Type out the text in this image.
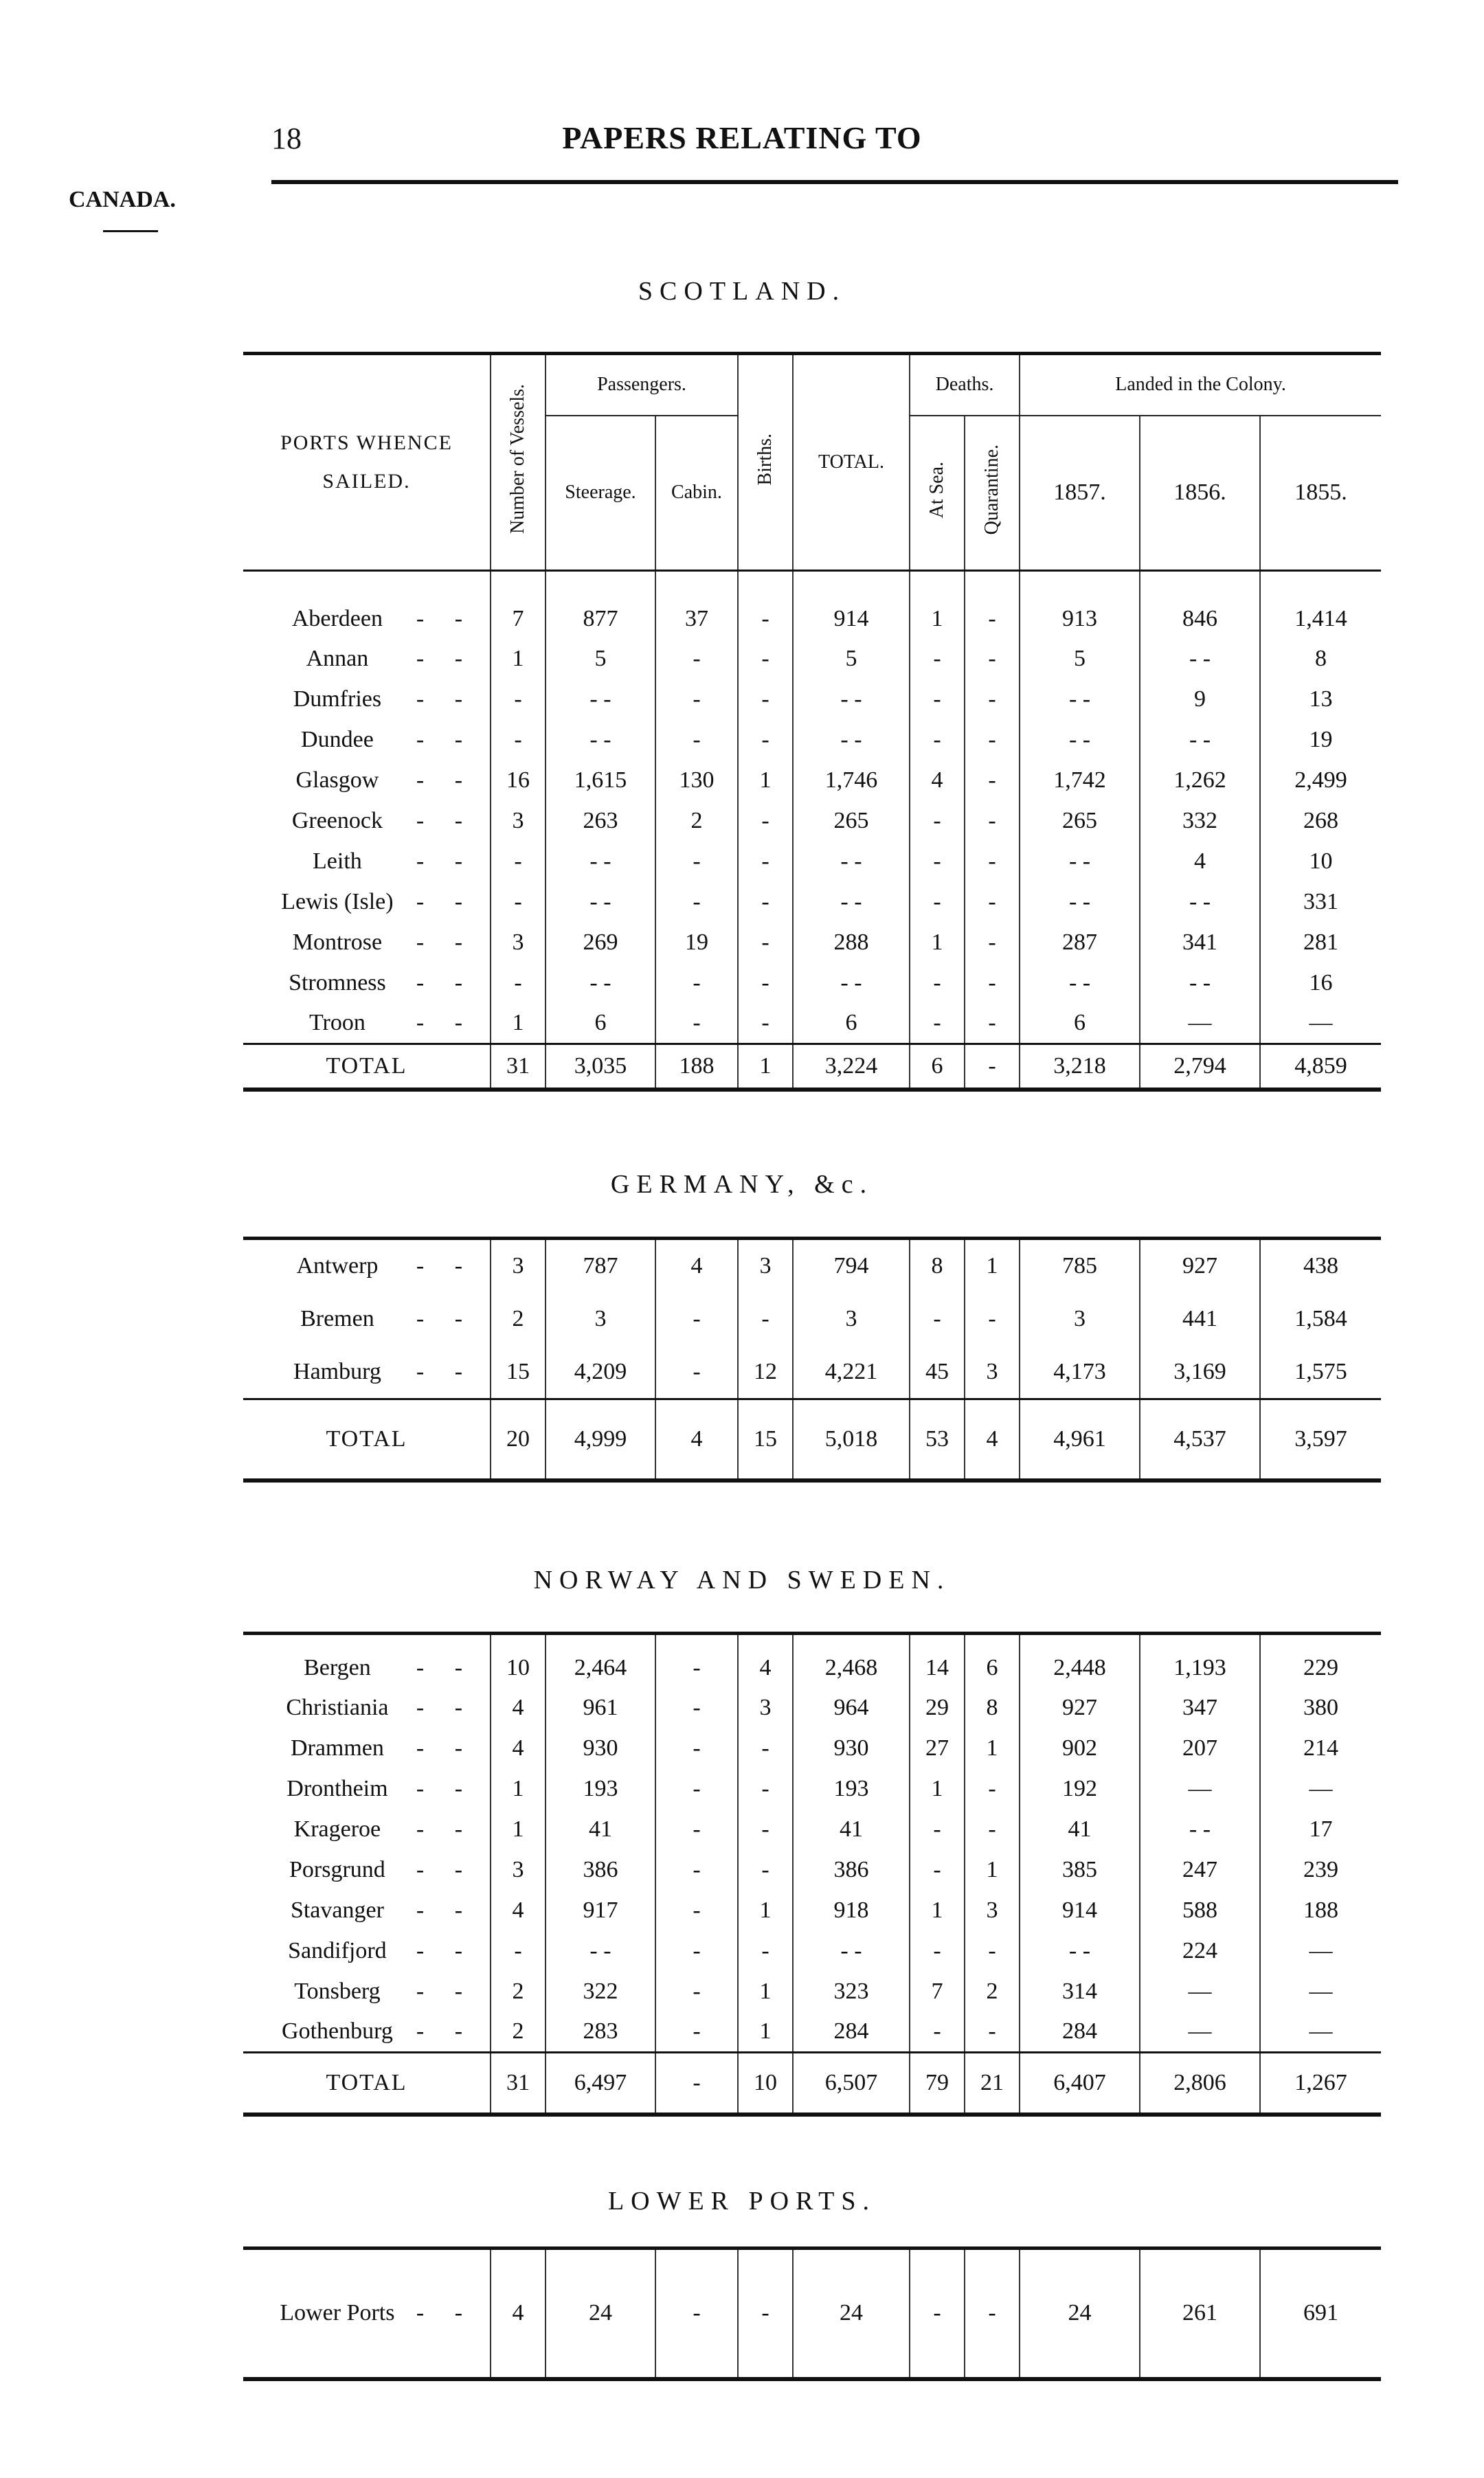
18	PAPERS RELATING TO
CANADA.
SCOTLAND.
PORTS WHENCE SAILED.	Number of Vessels.	Passengers.		Births.	TOTAL.	Deaths.		Landed in the Colony.		
		Steerage.	Cabin.			At Sea.	Quarantine.	1857.	1856.	1855.
Aberdeen - -	7	877	37	-	914	1	-	913	846	1,414
Annan - -	1	5	-	-	5	-	-	5	- -	8
Dumfries - -	-	- -	-	-	- -	-	-	- -	9	13
Dundee - -	-	- -	-	-	- -	-	-	- -	- -	19
Glasgow - -	16	1,615	130	1	1,746	4	-	1,742	1,262	2,499
Greenock - -	3	263	2	-	265	-	-	265	332	268
Leith - -	-	- -	-	-	- -	-	-	- -	4	10
Lewis (Isle) - -	-	- -	-	-	- -	-	-	- -	- -	331
Montrose - -	3	269	19	-	288	1	-	287	341	281
Stromness - -	-	- -	-	-	- -	-	-	- -	- -	16
Troon - -	1	6	-	-	6	-	-	6	—	—
TOTAL	31	3,035	188	1	3,224	6	-	3,218	2,794	4,859
GERMANY, &c.
Antwerp - -	3	787	4	3	794	8	1	785	927	438
Bremen - -	2	3	-	-	3	-	-	3	441	1,584
Hamburg - -	15	4,209	-	12	4,221	45	3	4,173	3,169	1,575
TOTAL	20	4,999	4	15	5,018	53	4	4,961	4,537	3,597
NORWAY AND SWEDEN.
Bergen - -	10	2,464	-	4	2,468	14	6	2,448	1,193	229
Christiania - -	4	961	-	3	964	29	8	927	347	380
Drammen - -	4	930	-	-	930	27	1	902	207	214
Drontheim - -	1	193	-	-	193	1	-	192	—	—
Krageroe - -	1	41	-	-	41	-	-	41	- -	17
Porsgrund - -	3	386	-	-	386	-	1	385	247	239
Stavanger - -	4	917	-	1	918	1	3	914	588	188
Sandifjord - -	-	- -	-	-	- -	-	-	- -	224	—
Tonsberg - -	2	322	-	1	323	7	2	314	—	—
Gothenburg - -	2	283	-	1	284	-	-	284	—	—
TOTAL	31	6,497	-	10	6,507	79	21	6,407	2,806	1,267
LOWER PORTS.
Lower Ports - -	4	24	-	-	24	-	-	24	261	691
